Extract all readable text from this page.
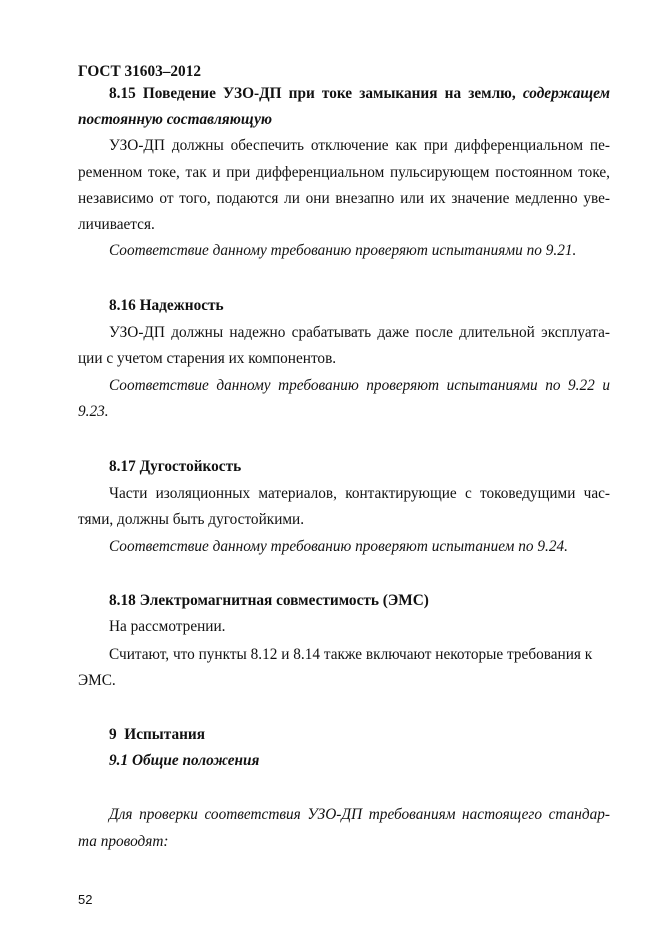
ГОСТ 31603–2012
8.15 Поведение УЗО-ДП при токе замыкания на землю, содержащем
постоянную составляющую
УЗО-ДП должны обеспечить отключение как при дифференциальном пе-
ременном токе, так и при дифференциальном пульсирующем постоянном токе,
независимо от того, подаются ли они внезапно или их значение медленно уве-
личивается.
Соответствие данному требованию проверяют испытаниями по 9.21.
8.16 Надежность
УЗО-ДП должны надежно срабатывать даже после длительной эксплуата-
ции с учетом старения их компонентов.
Соответствие данному требованию проверяют испытаниями по 9.22 и
9.23.
8.17 Дугостойкость
Части изоляционных материалов, контактирующие с токоведущими час-
тями, должны быть дугостойкими.
Соответствие данному требованию проверяют испытанием по 9.24.
8.18 Электромагнитная совместимость (ЭМС)
На рассмотрении.
Считают, что пункты 8.12 и 8.14 также включают некоторые требования к
ЭМС.
9  Испытания
9.1 Общие положения
Для проверки соответствия УЗО-ДП требованиям настоящего стандар-
та проводят:
52
